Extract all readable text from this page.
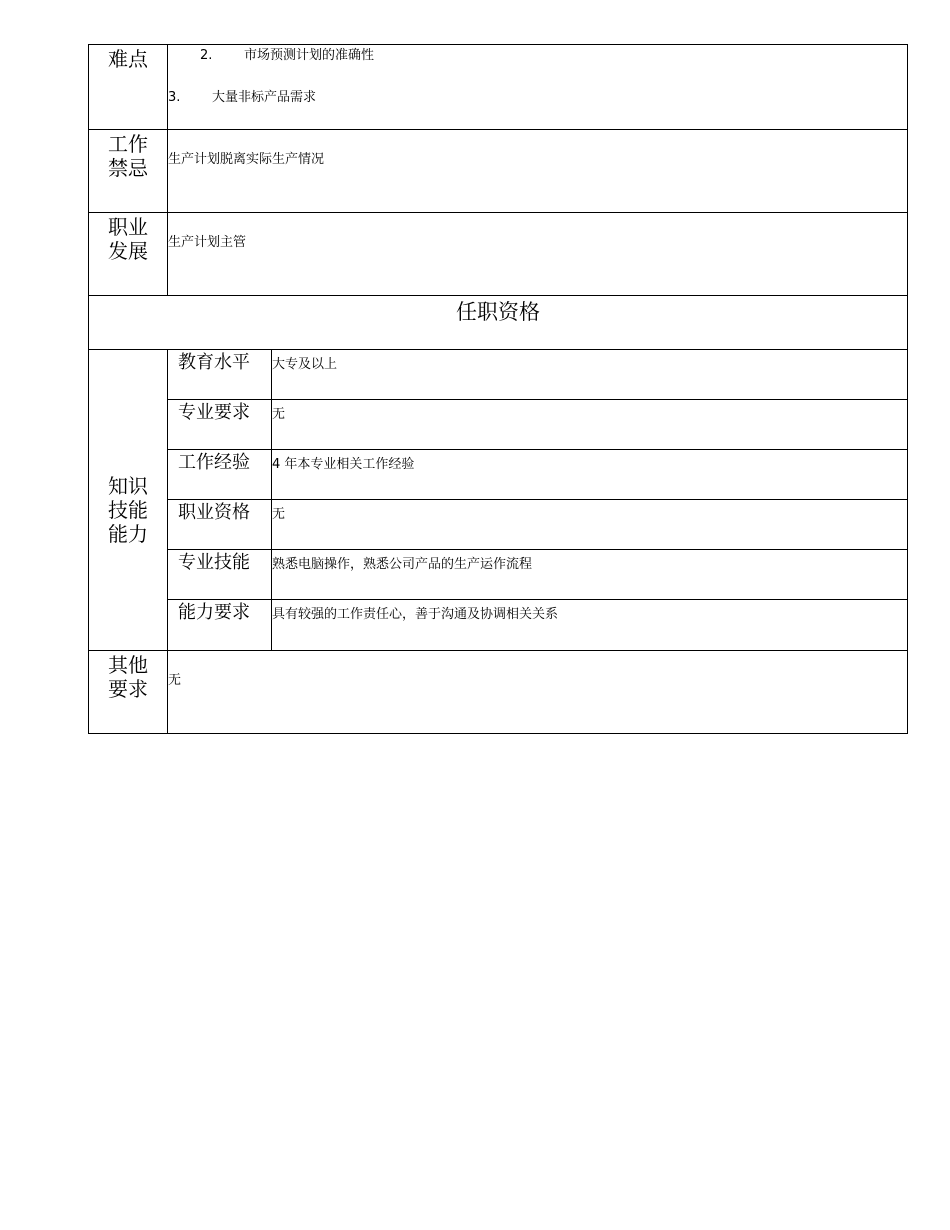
难点	2. 市场预测计划的准确性
3. 大量非标产品需求	

工作
禁忌	生产计划脱离实际生产情况	

职业
发展	生产计划主管	

任职资格		

知识
技能
能力	教育水平	大专及以上
	专业要求	无
	工作经验	4 年本专业相关工作经验
	职业资格	无
	专业技能	熟悉电脑操作，熟悉公司产品的生产运作流程
	能力要求	具有较强的工作责任心，善于沟通及协调相关关系

其他
要求	无	
